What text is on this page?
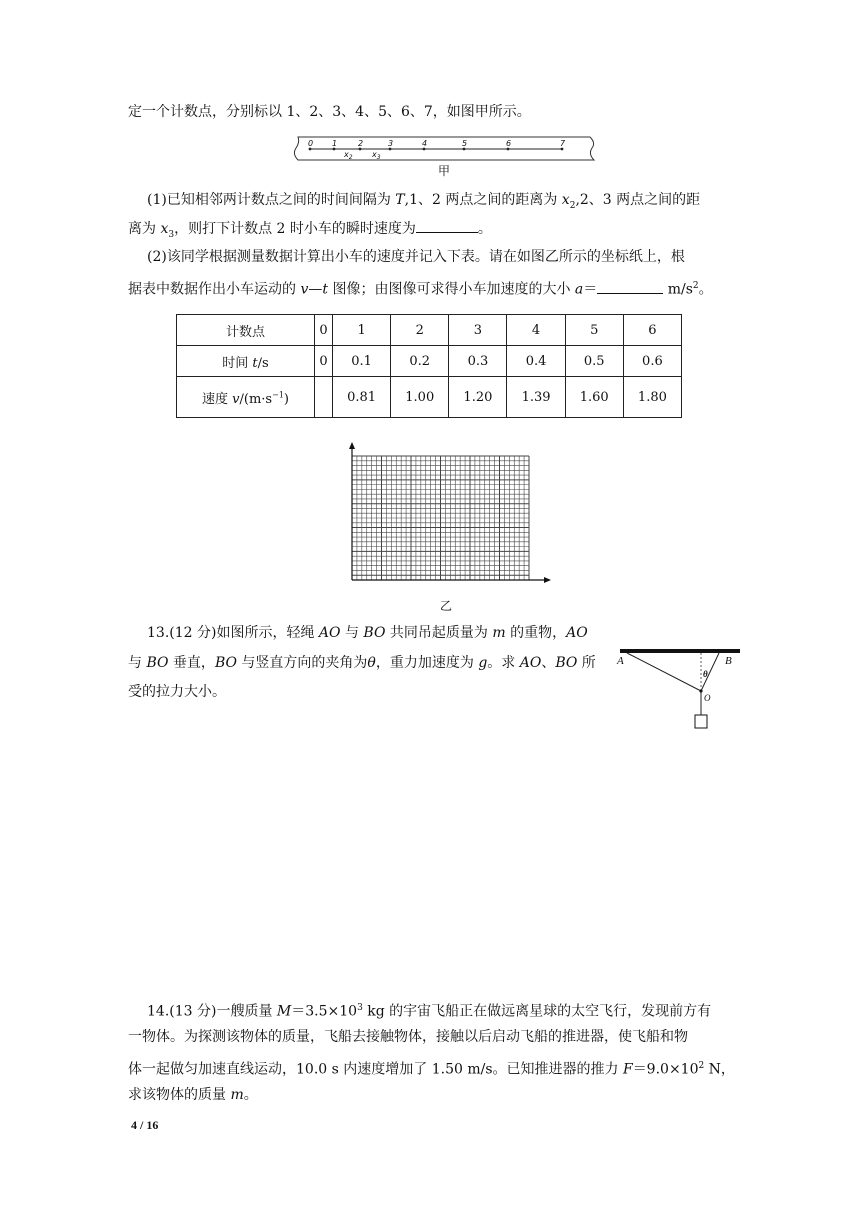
定一个计数点，分别标以 1、2、3、4、5、6、7，如图甲所示。
0 1	2	3	4	5	6	7
$x_2$ $x_3$
甲
(1)已知相邻两计数点之间的时间间隔为 T,1、2 两点之间的距离为 $x_2,2$、3 两点之间的距
离为 $x_3$，则打下计数点 2 时小车的瞬时速度为	。
(2)该同学根据测量数据计算出小车的速度并记入下表。请在如图乙所示的坐标纸上，根
据表中数据作出小车运动的 v—t 图像；由图像可求得小车加速度的大小 a＝	$m/s^2$。
计数点	0	1	2	3	4	5	6
时间 t/s	0	0.1	0.2	0.3	0.4	0.5	0.6
速度 $v/(m\cdot s^{-1})$		0.81	1.00	1.20	1.39	1.60	1.80
乙
13.(12 分)如图所示，轻绳 AO 与 BO 共同吊起质量为 m 的重物，AO
与 BO 垂直，BO 与竖直方向的夹角为θ，重力加速度为 g。求 AO、BO 所
受的拉力大小。
A	B
θ
O
14.(13 分)一艘质量 $M=3.5\times 10^3$ kg 的宇宙飞船正在做远离星球的太空飞行，发现前方有
一物体。为探测该物体的质量，飞船去接触物体，接触以后启动飞船的推进器，使飞船和物
体一起做匀加速直线运动，10.0 s 内速度增加了 1.50 m/s。已知推进器的推力 $F=9.0\times 10^2$ N，
求该物体的质量 m。
4 / 16
